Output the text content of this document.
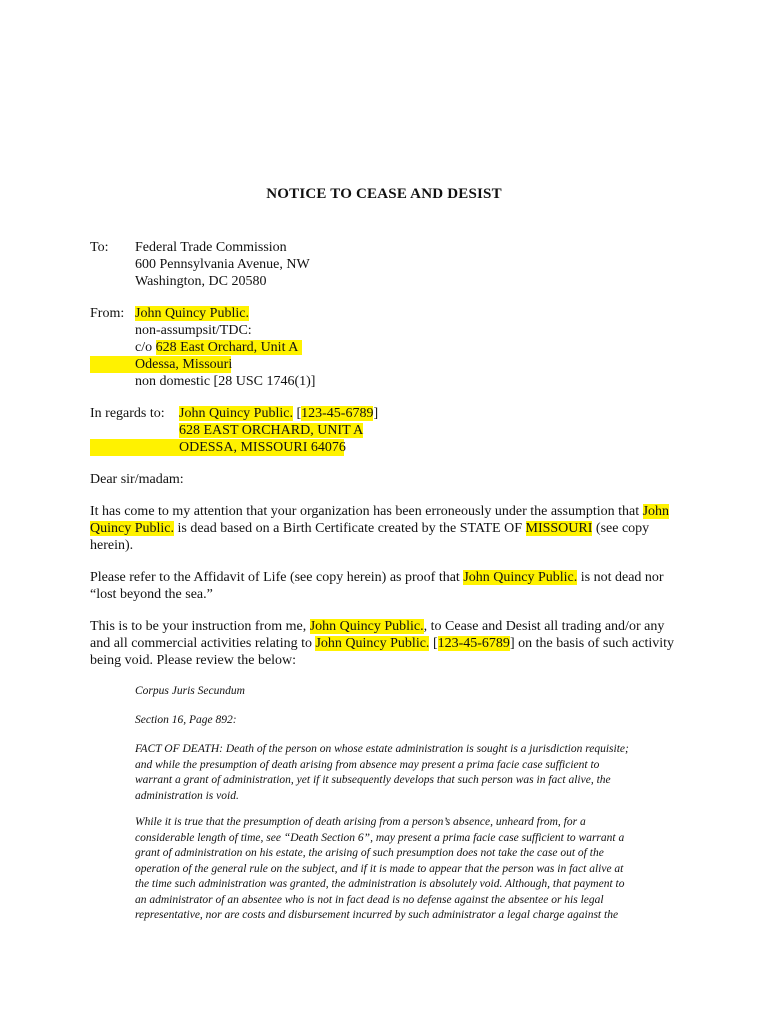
NOTICE TO CEASE AND DESIST
To: Federal Trade Commission
600 Pennsylvania Avenue, NW
Washington, DC 20580
From: John Quincy Public.
non-assumpsit/TDC:
c/o 628 East Orchard, Unit A
Odessa, Missouri
non domestic [28 USC 1746(1)]
In regards to: John Quincy Public. [123-45-6789]
628 EAST ORCHARD, UNIT A
ODESSA, MISSOURI 64076
Dear sir/madam:
It has come to my attention that your organization has been erroneously under the assumption that John
Quincy Public. is dead based on a Birth Certificate created by the STATE OF MISSOURI (see copy
herein).
Please refer to the Affidavit of Life (see copy herein) as proof that John Quincy Public. is not dead nor
“lost beyond the sea.”
This is to be your instruction from me, John Quincy Public., to Cease and Desist all trading and/or any
and all commercial activities relating to John Quincy Public. [123-45-6789] on the basis of such activity
being void. Please review the below:
Corpus Juris Secundum
Section 16, Page 892:
FACT OF DEATH: Death of the person on whose estate administration is sought is a jurisdiction requisite;
and while the presumption of death arising from absence may present a prima facie case sufficient to
warrant a grant of administration, yet if it subsequently develops that such person was in fact alive, the
administration is void.
While it is true that the presumption of death arising from a person’s absence, unheard from, for a
considerable length of time, see “Death Section 6”, may present a prima facie case sufficient to warrant a
grant of administration on his estate, the arising of such presumption does not take the case out of the
operation of the general rule on the subject, and if it is made to appear that the person was in fact alive at
the time such administration was granted, the administration is absolutely void. Although, that payment to
an administrator of an absentee who is not in fact dead is no defense against the absentee or his legal
representative, nor are costs and disbursement incurred by such administrator a legal charge against the
